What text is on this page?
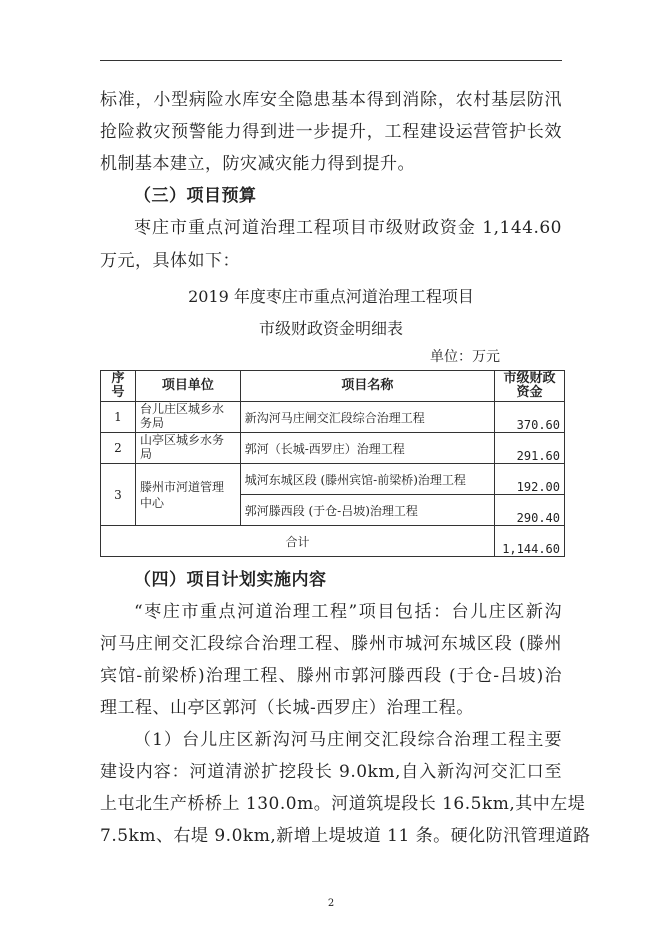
标准，小型病险水库安全隐患基本得到消除，农村基层防汛
抢险救灾预警能力得到进一步提升，工程建设运营管护长效
机制基本建立，防灾减灾能力得到提升。
（三）项目预算
枣庄市重点河道治理工程项目市级财政资金 1,144.60
万元，具体如下：
2019 年度枣庄市重点河道治理工程项目
市级财政资金明细表
单位：万元
序号	项目单位	项目名称	市级财政资金
1	台儿庄区城乡水务局	新沟河马庄闸交汇段综合治理工程	370.60
2	山亭区城乡水务局	郭河（长城-西罗庄）治理工程	291.60
3	滕州市河道管理中心	城河东城区段 (滕州宾馆-前梁桥)治理工程	192.00
		郭河滕西段 (于仓-吕坡)治理工程	290.40
合计			1,144.60
（四）项目计划实施内容
“枣庄市重点河道治理工程”项目包括：台儿庄区新沟
河马庄闸交汇段综合治理工程、滕州市城河东城区段 (滕州
宾馆-前梁桥)治理工程、滕州市郭河滕西段 (于仓-吕坡)治
理工程、山亭区郭河（长城-西罗庄）治理工程。
（1）台儿庄区新沟河马庄闸交汇段综合治理工程主要
建设内容：河道清淤扩挖段长 9.0km,自入新沟河交汇口至
上屯北生产桥桥上 130.0m。河道筑堤段长 16.5km,其中左堤
7.5km、右堤 9.0km,新增上堤坡道 11 条。硬化防汛管理道路
2
